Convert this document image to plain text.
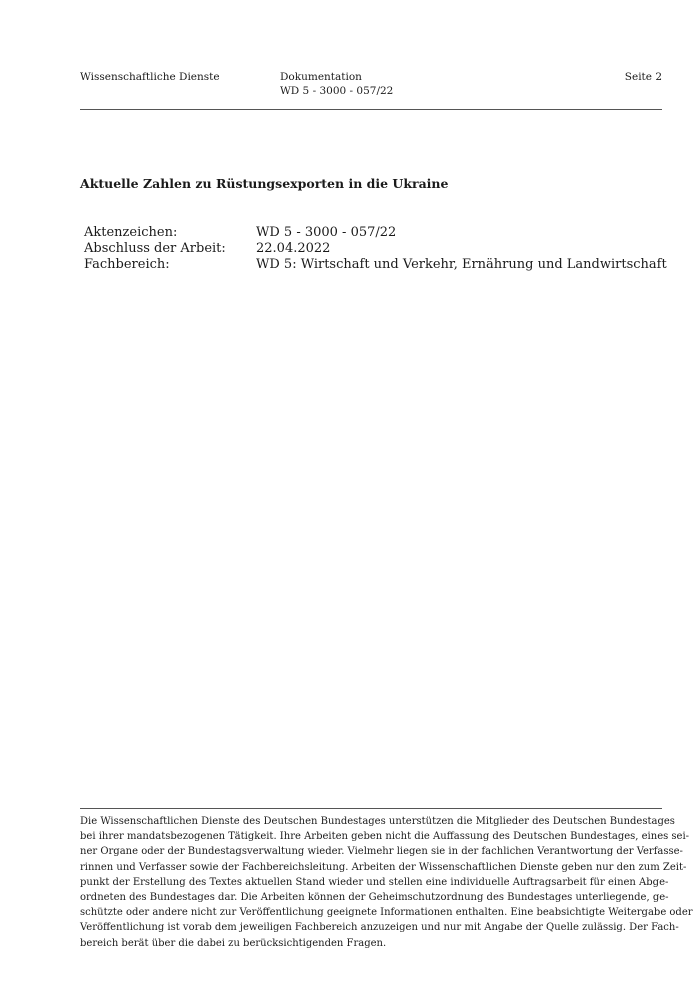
Wissenschaftliche Dienste	Dokumentation
WD 5 - 3000 - 057/22
Seite 2
Aktuelle Zahlen zu Rüstungsexporten in die Ukraine
Aktenzeichen:	WD 5 - 3000 - 057/22
Abschluss der Arbeit:	22.04.2022
Fachbereich:	WD 5: Wirtschaft und Verkehr, Ernährung und Landwirtschaft
Die Wissenschaftlichen Dienste des Deutschen Bundestages unterstützen die Mitglieder des Deutschen Bundestages
bei ihrer mandatsbezogenen Tätigkeit. Ihre Arbeiten geben nicht die Auffassung des Deutschen Bundestages, eines sei-
ner Organe oder der Bundestagsverwaltung wieder. Vielmehr liegen sie in der fachlichen Verantwortung der Verfasse-
rinnen und Verfasser sowie der Fachbereichsleitung. Arbeiten der Wissenschaftlichen Dienste geben nur den zum Zeit-
punkt der Erstellung des Textes aktuellen Stand wieder und stellen eine individuelle Auftragsarbeit für einen Abge-
ordneten des Bundestages dar. Die Arbeiten können der Geheimschutzordnung des Bundestages unterliegende, ge-
schützte oder andere nicht zur Veröffentlichung geeignete Informationen enthalten. Eine beabsichtigte Weitergabe oder
Veröffentlichung ist vorab dem jeweiligen Fachbereich anzuzeigen und nur mit Angabe der Quelle zulässig. Der Fach-
bereich berät über die dabei zu berücksichtigenden Fragen.
